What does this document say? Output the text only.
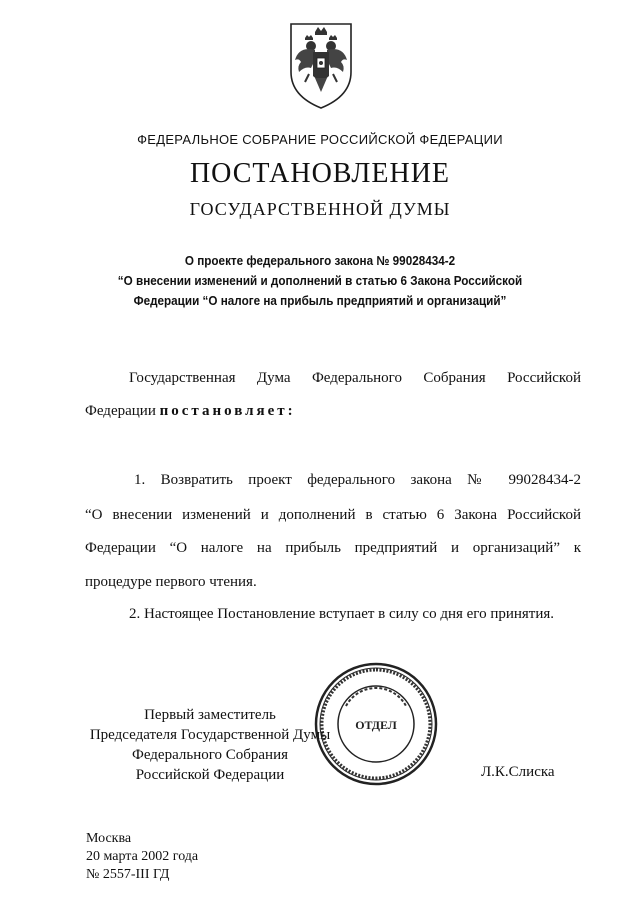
ФЕДЕРАЛЬНОЕ СОБРАНИЕ РОССИЙСКОЙ ФЕДЕРАЦИИ
ПОСТАНОВЛЕНИЕ
ГОСУДАРСТВЕННОЙ ДУМЫ
О проекте федерального закона № 99028434-2
“О внесении изменений и дополнений в статью 6 Закона Российской
Федерации “О налоге на прибыль предприятий и организаций”
Государственная Дума Федерального Собрания Российской
Федерации постановляет:
1. Возвратить проект федерального закона № 99028434-2
“О внесении изменений и дополнений в статью 6 Закона Российской
Федерации “О налоге на прибыль предприятий и организаций” к
процедуре первого чтения.
2. Настоящее Постановление вступает в силу со дня его принятия.
ОТДЕЛ
Первый заместитель
Председателя Государственной Думы
Федерального Собрания
Российской Федерации	Л.К.Слиска
Москва
20 марта 2002 года
№ 2557-III ГД
